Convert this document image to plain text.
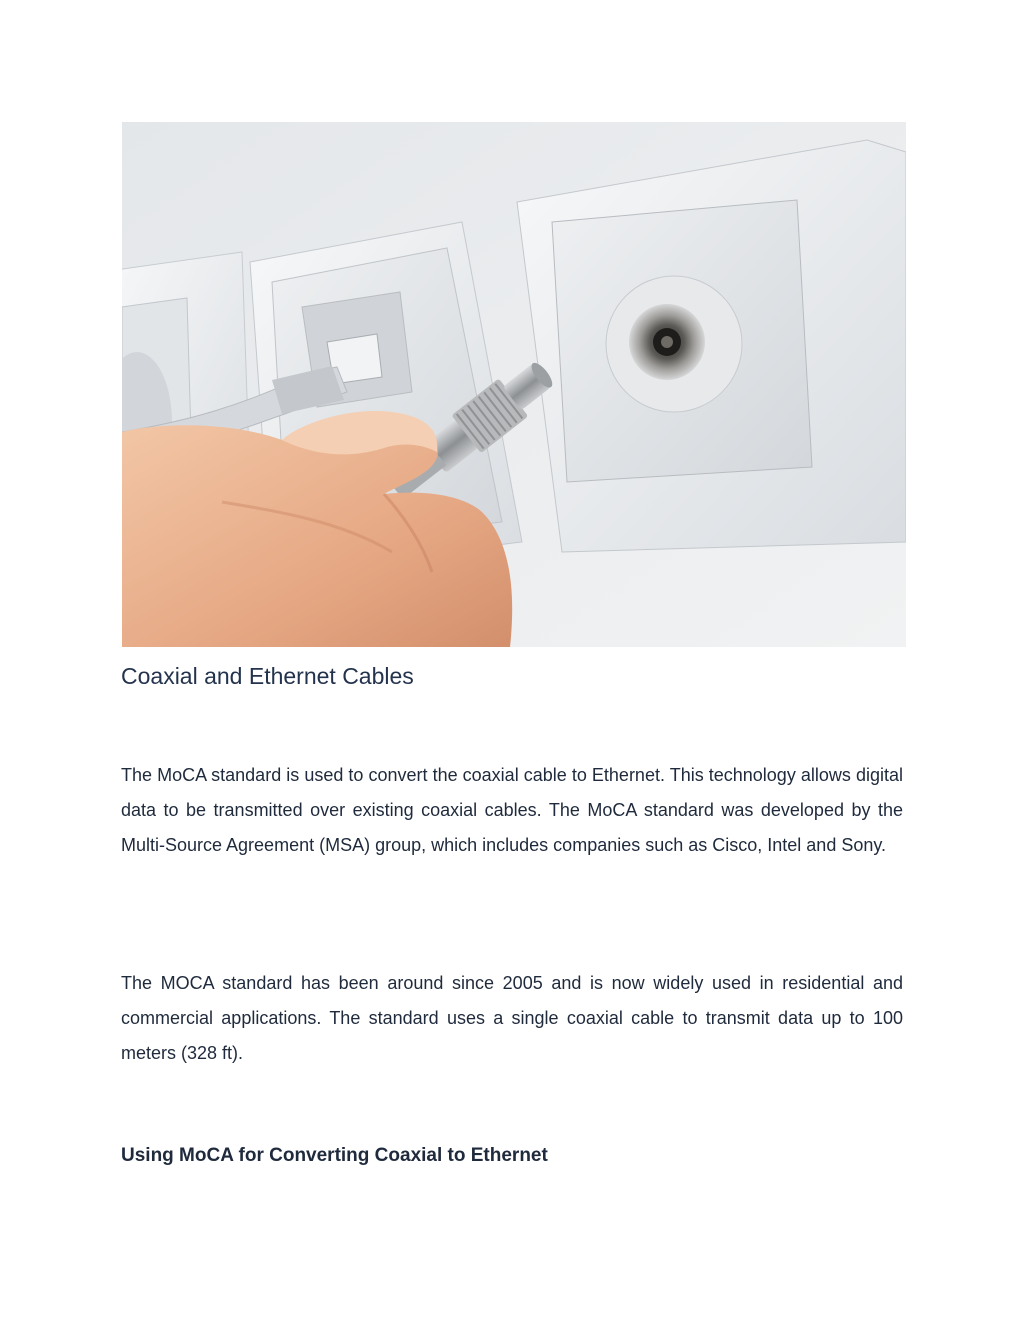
Coaxial and Ethernet Cables

The MoCA standard is used to convert the coaxial cable to Ethernet. This technology allows digital data to be transmitted over existing coaxial cables. The MoCA standard was developed by the Multi-Source Agreement (MSA) group, which includes companies such as Cisco, Intel and Sony.

The MOCA standard has been around since 2005 and is now widely used in residential and commercial applications. The standard uses a single coaxial cable to transmit data up to 100 meters (328 ft).

Using MoCA for Converting Coaxial to Ethernet
